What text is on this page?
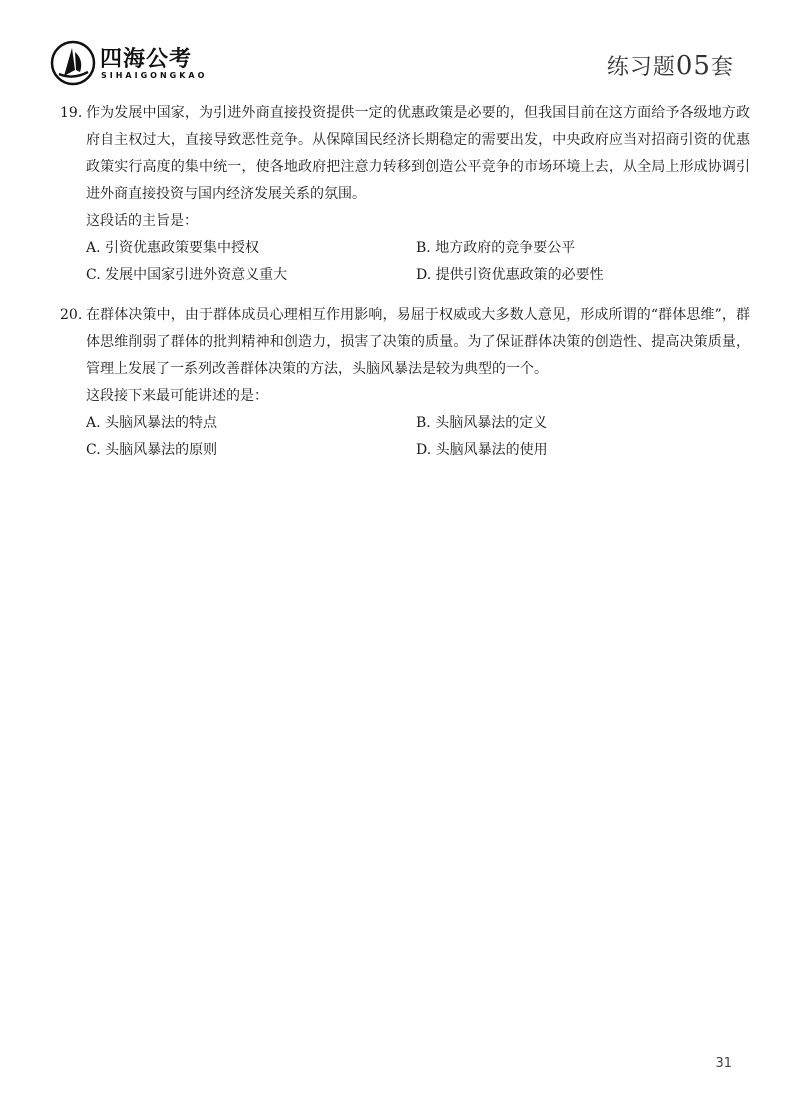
四海公考
SIHAIGONGKAO	练习题05套
19. 作为发展中国家，为引进外商直接投资提供一定的优惠政策是必要的，但我国目前在这方面给予各级地方政府自主权过大，直接导致恶性竞争。从保障国民经济长期稳定的需要出发，中央政府应当对招商引资的优惠政策实行高度的集中统一，使各地政府把注意力转移到创造公平竞争的市场环境上去，从全局上形成协调引进外商直接投资与国内经济发展关系的氛围。
这段话的主旨是：
A. 引资优惠政策要集中授权	B. 地方政府的竞争要公平
C. 发展中国家引进外资意义重大	D. 提供引资优惠政策的必要性
20. 在群体决策中，由于群体成员心理相互作用影响，易屈于权威或大多数人意见，形成所谓的“群体思维”，群体思维削弱了群体的批判精神和创造力，损害了决策的质量。为了保证群体决策的创造性、提高决策质量，管理上发展了一系列改善群体决策的方法，头脑风暴法是较为典型的一个。
这段接下来最可能讲述的是：
A. 头脑风暴法的特点	B. 头脑风暴法的定义
C. 头脑风暴法的原则	D. 头脑风暴法的使用
31
